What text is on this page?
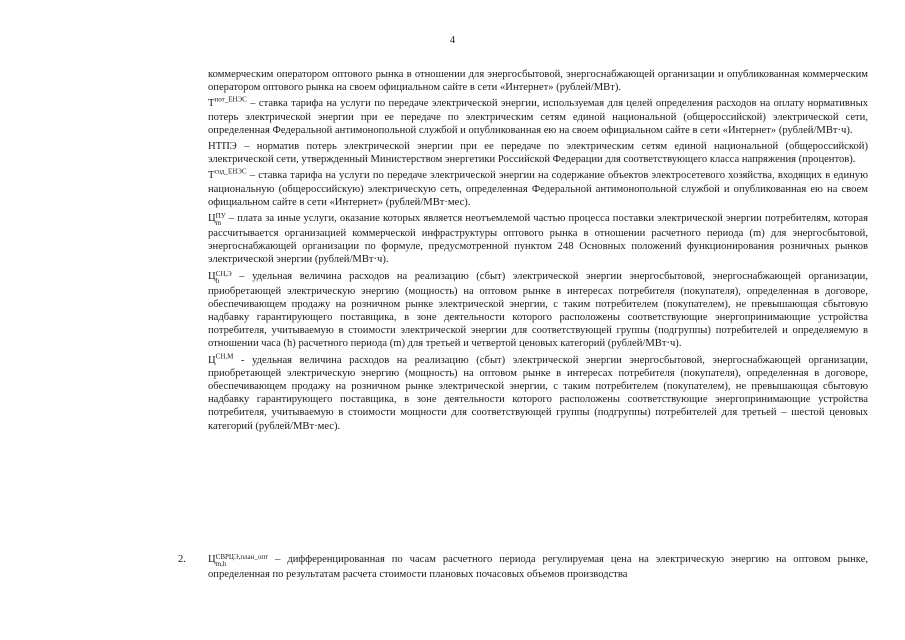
4

коммерческим оператором оптового рынка в отношении для энергосбытовой, энергоснабжающей организации и опубликованная коммерческим оператором оптового рынка на своем официальном сайте в сети «Интернет» (рублей/МВт).

$T^{пот\_ЕНЭС}$ – ставка тарифа на услуги по передаче электрической энергии, используемая для целей определения расходов на оплату нормативных потерь электрической энергии при ее передаче по электрическим сетям единой национальной (общероссийской) электрической сети, определенная Федеральной антимонопольной службой и опубликованная ею на своем официальном сайте в сети «Интернет» (рублей/МВт·ч).

НТПЭ – норматив потерь электрической энергии при ее передаче по электрическим сетям единой национальной (общероссийской) электрической сети, утвержденный Министерством энергетики Российской Федерации для соответствующего класса напряжения (процентов).

$T^{сод\_ЕНЭС}$ – ставка тарифа на услуги по передаче электрической энергии на содержание объектов электросетевого хозяйства, входящих в единую национальную (общероссийскую) электрическую сеть, определенная Федеральной антимонопольной службой и опубликованная ею на своем официальном сайте в сети «Интернет» (рублей/МВт·мес).

Ц ПУ
m – плата за иные услуги, оказание которых является неотъемлемой частью процесса поставки электрической энергии потребителям, которая рассчитывается организацией коммерческой инфраструктуры оптового рынка в отношении расчетного периода (m) для энергосбытовой, энергоснабжающей организации по формуле, предусмотренной пунктом 248 Основных положений функционирования розничных рынков электрической энергии (рублей/МВт·ч).

Ц СН,Э
h	– удельная величина расходов на реализацию (сбыт) электрической энергии энергосбытовой, энергоснабжающей организации, приобретающей электрическую энергию (мощность) на оптовом рынке в интересах потребителя (покупателя), определенная в договоре, обеспечивающем продажу на розничном рынке электрической энергии, с таким потребителем (покупателем), не превышающая сбытовую надбавку гарантирующего поставщика, в зоне деятельности которого расположены соответствующие энергопринимающие устройства потребителя, учитываемую в стоимости электрической энергии для соответствующей группы (подгруппы) потребителей и определяемую в отношении часа (h) расчетного периода (m) для третьей и четвертой ценовых категорий (рублей/МВт·ч).

$Ц^{СН,М}$ - удельная величина расходов на реализацию (сбыт) электрической энергии энергосбытовой, энергоснабжающей организации, приобретающей электрическую энергию (мощность) на оптовом рынке в интересах потребителя (покупателя), определенная в договоре, обеспечивающем продажу на розничном рынке электрической энергии, с таким потребителем (покупателем), не превышающая сбытовую надбавку гарантирующего поставщика, в зоне деятельности которого расположены соответствующие энергопринимающие устройства потребителя, учитываемую в стоимости мощности для соответствующей группы (подгруппы) потребителей для третьей – шестой ценовых категорий (рублей/МВт·мес).

2. Ц СВРЦЭ,план_опт
m,h	– дифференцированная по часам расчетного периода регулируемая цена на электрическую энергию на оптовом рынке, определенная по результатам расчета стоимости плановых почасовых объемов производства
